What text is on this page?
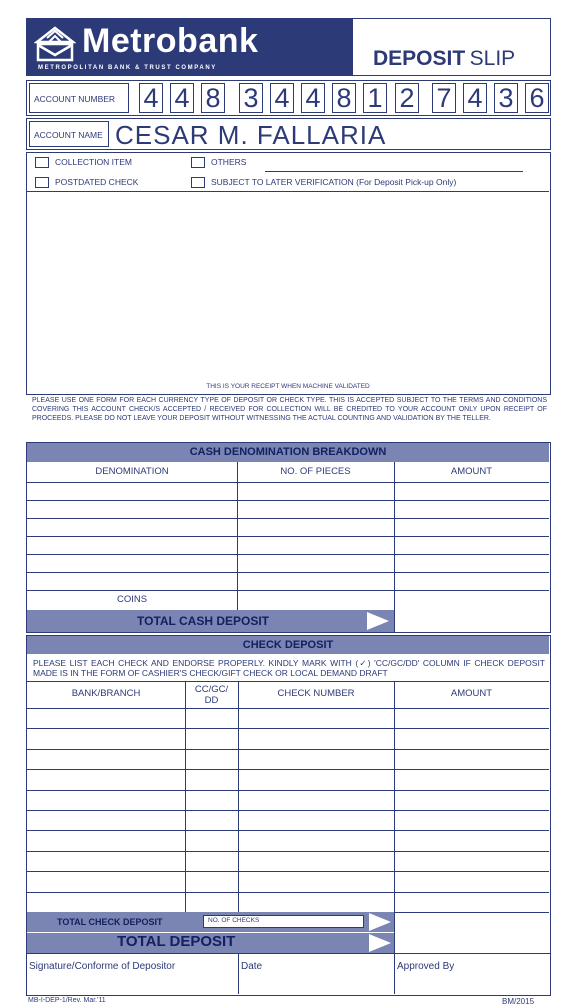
Metrobank
METROPOLITAN BANK & TRUST COMPANY	DEPOSIT SLIP
ACCOUNT NUMBER 4 4 8 3 4 4 8 1 2 7 4 3 6
ACCOUNT NAME CESAR M. FALLARIA
COLLECTION ITEM	OTHERS
POSTDATED CHECK	SUBJECT TO LATER VERIFICATION (For Deposit Pick-up Only)
THIS IS YOUR RECEIPT WHEN MACHINE VALIDATED
PLEASE USE ONE FORM FOR EACH CURRENCY TYPE OF DEPOSIT OR CHECK TYPE. THIS IS ACCEPTED SUBJECT TO THE TERMS AND CONDITIONS COVERING THIS ACCOUNT CHECK/S ACCEPTED / RECEIVED FOR COLLECTION WILL BE CREDITED TO YOUR ACCOUNT ONLY UPON RECEIPT OF PROCEEDS. PLEASE DO NOT LEAVE YOUR DEPOSIT WITHOUT WITNESSING THE ACTUAL COUNTING AND VALIDATION BY THE TELLER.
CASH DENOMINATION BREAKDOWN
DENOMINATION	NO. OF PIECES	AMOUNT
COINS
TOTAL CASH DEPOSIT
CHECK DEPOSIT
PLEASE LIST EACH CHECK AND ENDORSE PROPERLY. KINDLY MARK WITH (✓) 'CC/GC/DD' COLUMN IF CHECK DEPOSIT MADE IS IN THE FORM OF CASHIER'S CHECK/GIFT CHECK OR LOCAL DEMAND DRAFT
BANK/BRANCH	CC/GC/
DD
CHECK NUMBER	AMOUNT
TOTAL CHECK DEPOSIT	NO. OF CHECKS
TOTAL DEPOSIT
Signature/Conforme of Depositor	Date	Approved By
MB-I-DEP-1/Rev. Mar.'11	BM/2015
